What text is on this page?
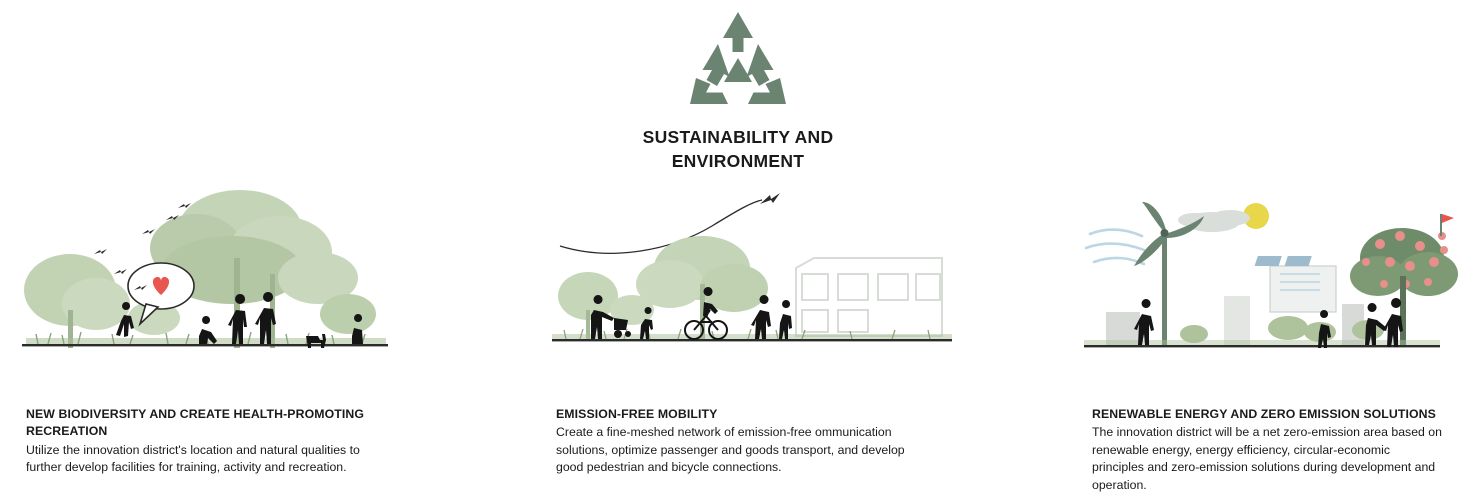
SUSTAINABILITY AND ENVIRONMENT
NEW BIODIVERSITY AND CREATE HEALTH-PROMOTING RECREATION
Utilize the innovation district's location and natural qualities to further develop facilities for training, activity and recreation.
EMISSION-FREE MOBILITY
Create a fine-meshed network of emission-free ommunication solutions, optimize passenger and goods transport, and develop good pedestrian and bicycle connections.
RENEWABLE ENERGY AND ZERO EMISSION SOLUTIONS
The innovation district will be a net zero-emission area based on renewable energy, energy efficiency, circular-economic principles and zero-emission solutions during development and operation.
